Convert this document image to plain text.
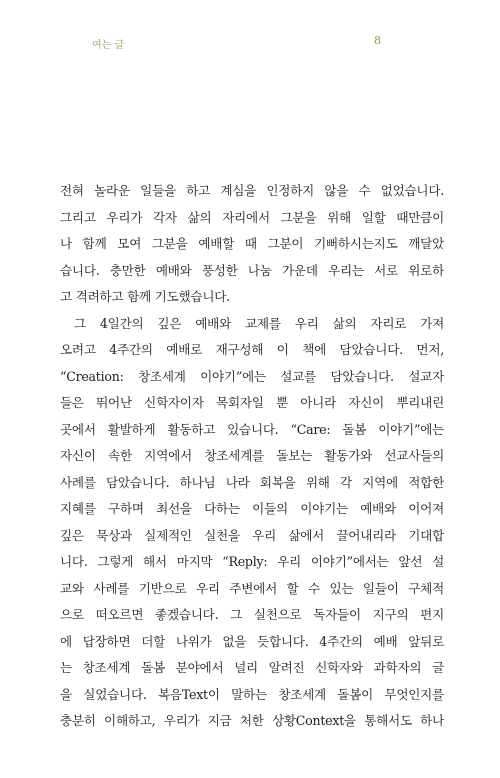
여는 글	8
전혀 놀라운 일들을 하고 계심을 인정하지 않을 수 없었습니다.
그리고 우리가 각자 삶의 자리에서 그분을 위해 일할 때만큼이
나 함께 모여 그분을 예배할 때 그분이 기뻐하시는지도 깨달았
습니다. 충만한 예배와 풍성한 나눔 가운데 우리는 서로 위로하
고 격려하고 함께 기도했습니다.
그 4일간의 깊은 예배와 교제를 우리 삶의 자리로 가져
오려고 4주간의 예배로 재구성해 이 책에 담았습니다. 먼저,
“Creation: 창조세계 이야기”에는 설교를 담았습니다. 설교자
들은 뛰어난 신학자이자 목회자일 뿐 아니라 자신이 뿌리내린
곳에서 활발하게 활동하고 있습니다. “Care: 돌봄 이야기”에는
자신이 속한 지역에서 창조세계를 돌보는 활동가와 선교사들의
사례를 담았습니다. 하나님 나라 회복을 위해 각 지역에 적합한
지혜를 구하며 최선을 다하는 이들의 이야기는 예배와 이어져
깊은 묵상과 실제적인 실천을 우리 삶에서 끌어내리라 기대합
니다. 그렇게 해서 마지막 “Reply: 우리 이야기”에서는 앞선 설
교와 사례를 기반으로 우리 주변에서 할 수 있는 일들이 구체적
으로 떠오르면 좋겠습니다. 그 실천으로 독자들이 지구의 편지
에 답장하면 더할 나위가 없을 듯합니다. 4주간의 예배 앞뒤로
는 창조세계 돌봄 분야에서 널리 알려진 신학자와 과학자의 글
을 실었습니다. 복음Text이 말하는 창조세계 돌봄이 무엇인지를
충분히 이해하고, 우리가 지금 처한 상황Context을 통해서도 하나
